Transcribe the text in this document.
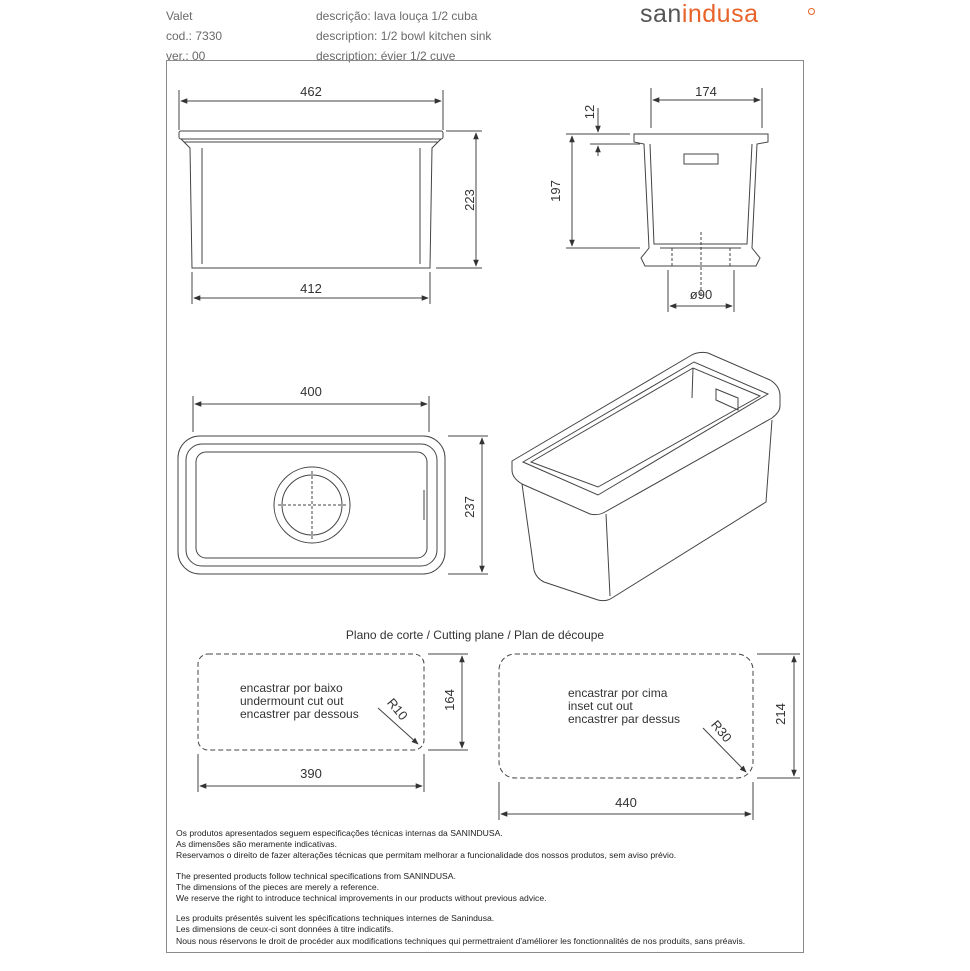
Valet
cod.: 7330
ver.: 00
descrição: lava louça 1/2 cuba
description: 1/2 bowl kitchen sink
description: évier 1/2 cuve
sanindusa
462
412
223
174
12
197
ø90
400
237
Plano de corte / Cutting plane / Plan de découpe
encastrar por baixo
undermount cut out
encastrer par dessous R10 164
390
encastrar por cima
inset cut out
encastrer par dessus R30
214
440

Os produtos apresentados seguem especificações técnicas internas da SANINDUSA.
As dimensões são meramente indicativas.
Reservamos o direito de fazer alterações técnicas que permitam melhorar a funcionalidade dos nossos produtos, sem aviso prévio.

The presented products follow technical specifications from SANINDUSA.
The dimensions of the pieces are merely a reference.
We reserve the right to introduce technical improvements in our products without previous advice.

Les produits présentés suivent les spécifications techniques internes de Sanindusa.
Les dimensions de ceux-ci sont données à titre indicatifs.
Nous nous réservons le droit de procéder aux modifications techniques qui permettraient d'améliorer les fonctionnalités de nos produits, sans préavis.
